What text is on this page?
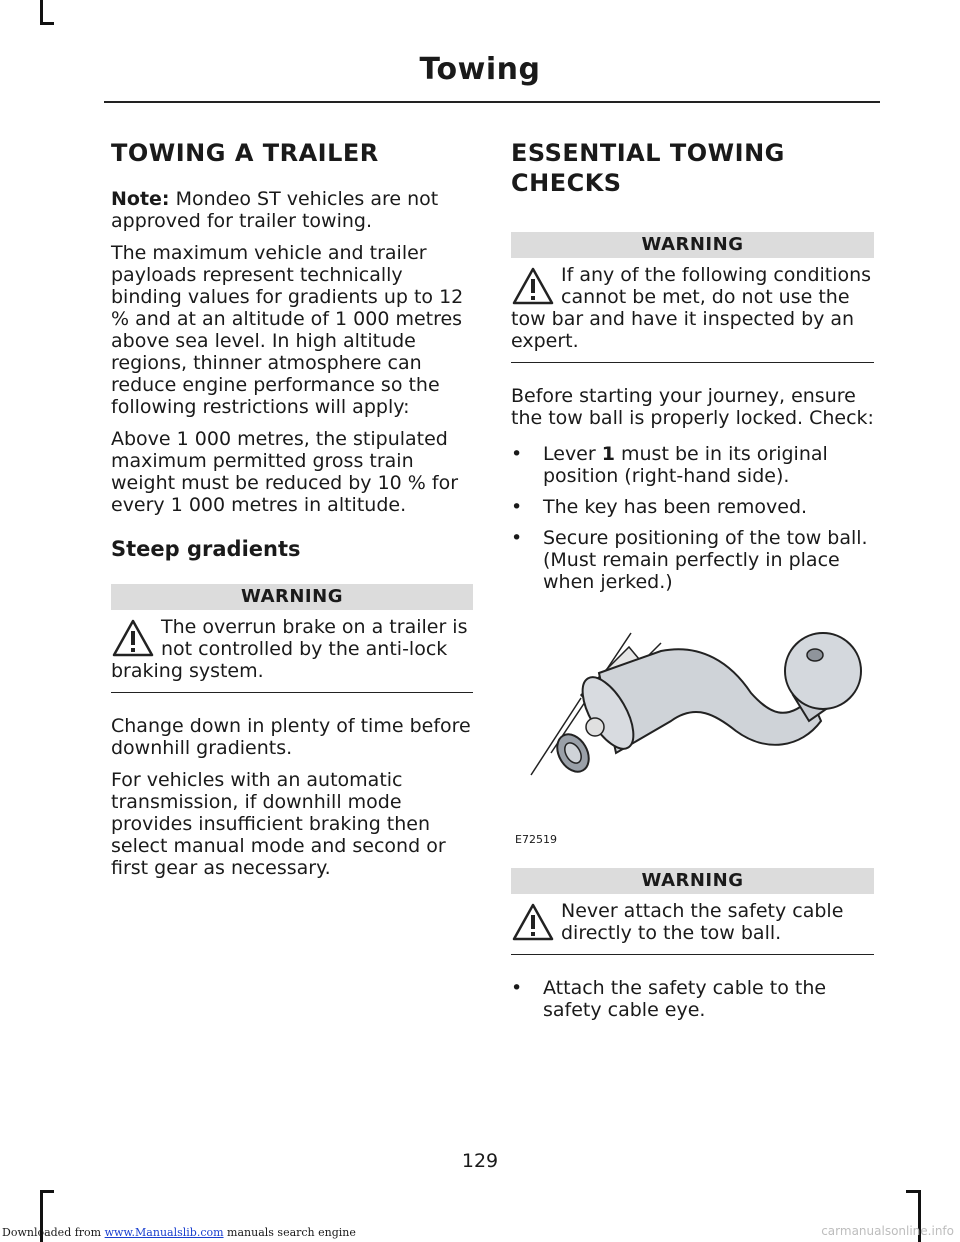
Towing
TOWING A TRAILER

Note: Mondeo ST vehicles are not approved for trailer towing.

The maximum vehicle and trailer payloads represent technically binding values for gradients up to 12 % and at an altitude of 1 000 metres above sea level. In high altitude regions, thinner atmosphere can reduce engine performance so the following restrictions will apply:

Above 1 000 metres, the stipulated maximum permitted gross train weight must be reduced by 10 % for every 1 000 metres in altitude.

Steep gradients
WARNING
The overrun brake on a trailer is not controlled by the anti-lock braking system.

Change down in plenty of time before downhill gradients.

For vehicles with an automatic transmission, if downhill mode provides insufficient braking then select manual mode and second or first gear as necessary.

ESSENTIAL TOWING
CHECKS
WARNING
If any of the following conditions cannot be met, do not use the tow bar and have it inspected by an expert.

Before starting your journey, ensure the tow ball is properly locked. Check:

• Lever 1 must be in its original position (right-hand side).
• The key has been removed.
• Secure positioning of the tow ball. (Must remain perfectly in place when jerked.)
E72519
WARNING
Never attach the safety cable directly to the tow ball.
• Attach the safety cable to the safety cable eye.
129
Downloaded from www.Manualslib.com manuals search engine	carmanualsonline.info
